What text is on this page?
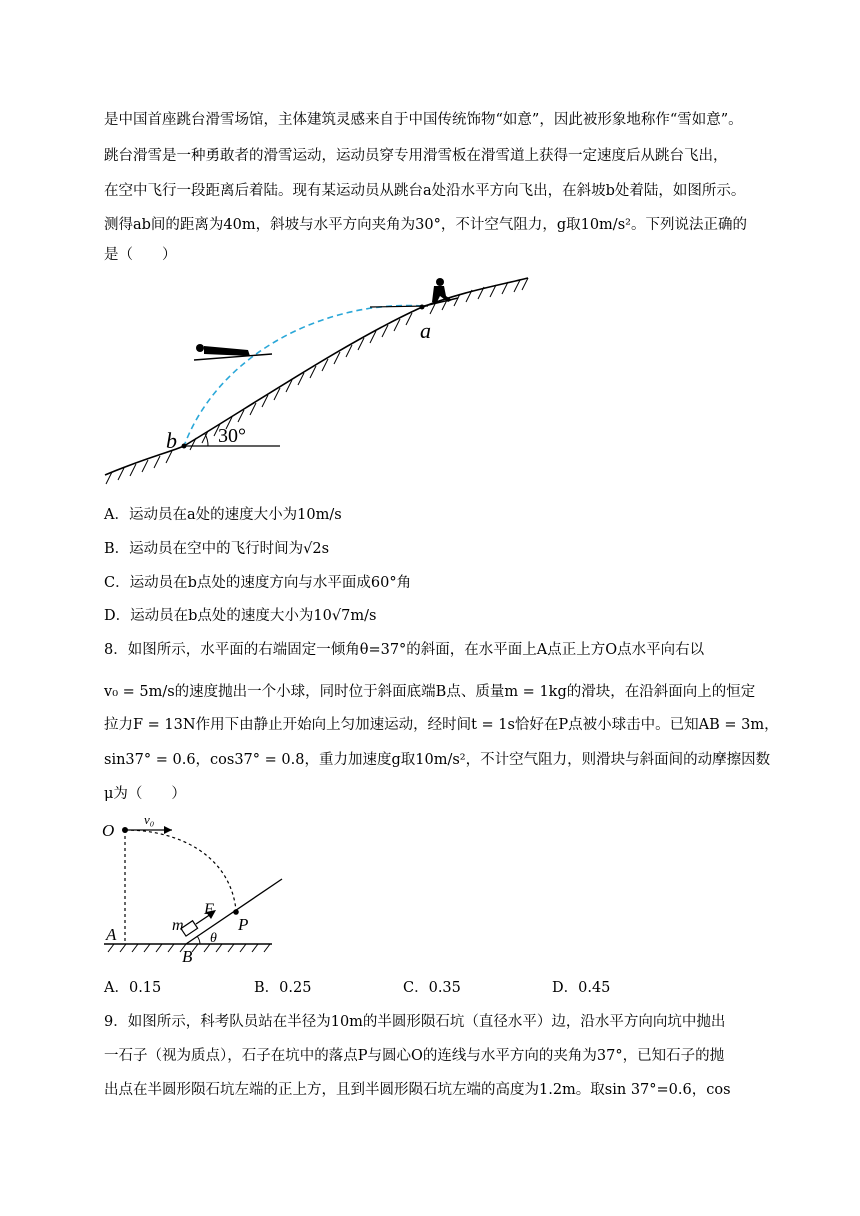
是中国首座跳台滑雪场馆，主体建筑灵感来自于中国传统饰物“如意”，因此被形象地称作“雪如意”。
跳台滑雪是一种勇敢者的滑雪运动，运动员穿专用滑雪板在滑雪道上获得一定速度后从跳台飞出，
在空中飞行一段距离后着陆。现有某运动员从跳台a处沿水平方向飞出，在斜坡b处着陆，如图所示。
测得ab间的距离为40m，斜坡与水平方向夹角为30°，不计空气阻力，g取10m/s²。下列说法正确的
是（　　）
a
b 30°
A．运动员在a处的速度大小为10m/s
B．运动员在空中的飞行时间为√2s
C．运动员在b点处的速度方向与水平面成60°角
D．运动员在b点处的速度大小为10√7m/s
8．如图所示，水平面的右端固定一倾角θ=37°的斜面，在水平面上A点正上方O点水平向右以
v₀ = 5m/s的速度抛出一个小球，同时位于斜面底端B点、质量m = 1kg的滑块，在沿斜面向上的恒定
拉力F = 13N作用下由静止开始向上匀加速运动，经时间t = 1s恰好在P点被小球击中。已知AB = 3m，
sin37° = 0.6，cos37° = 0.8，重力加速度g取10m/s²，不计空气阻力，则滑块与斜面间的动摩擦因数
μ为（　　）
O
v₀
F
m	P
θ
A
B
A．0.15	B．0.25	C．0.35	D．0.45
9．如图所示，科考队员站在半径为10m的半圆形陨石坑（直径水平）边，沿水平方向向坑中抛出
一石子（视为质点），石子在坑中的落点P与圆心O的连线与水平方向的夹角为37°，已知石子的抛
出点在半圆形陨石坑左端的正上方，且到半圆形陨石坑左端的高度为1.2m。取sin 37°=0.6，cos
